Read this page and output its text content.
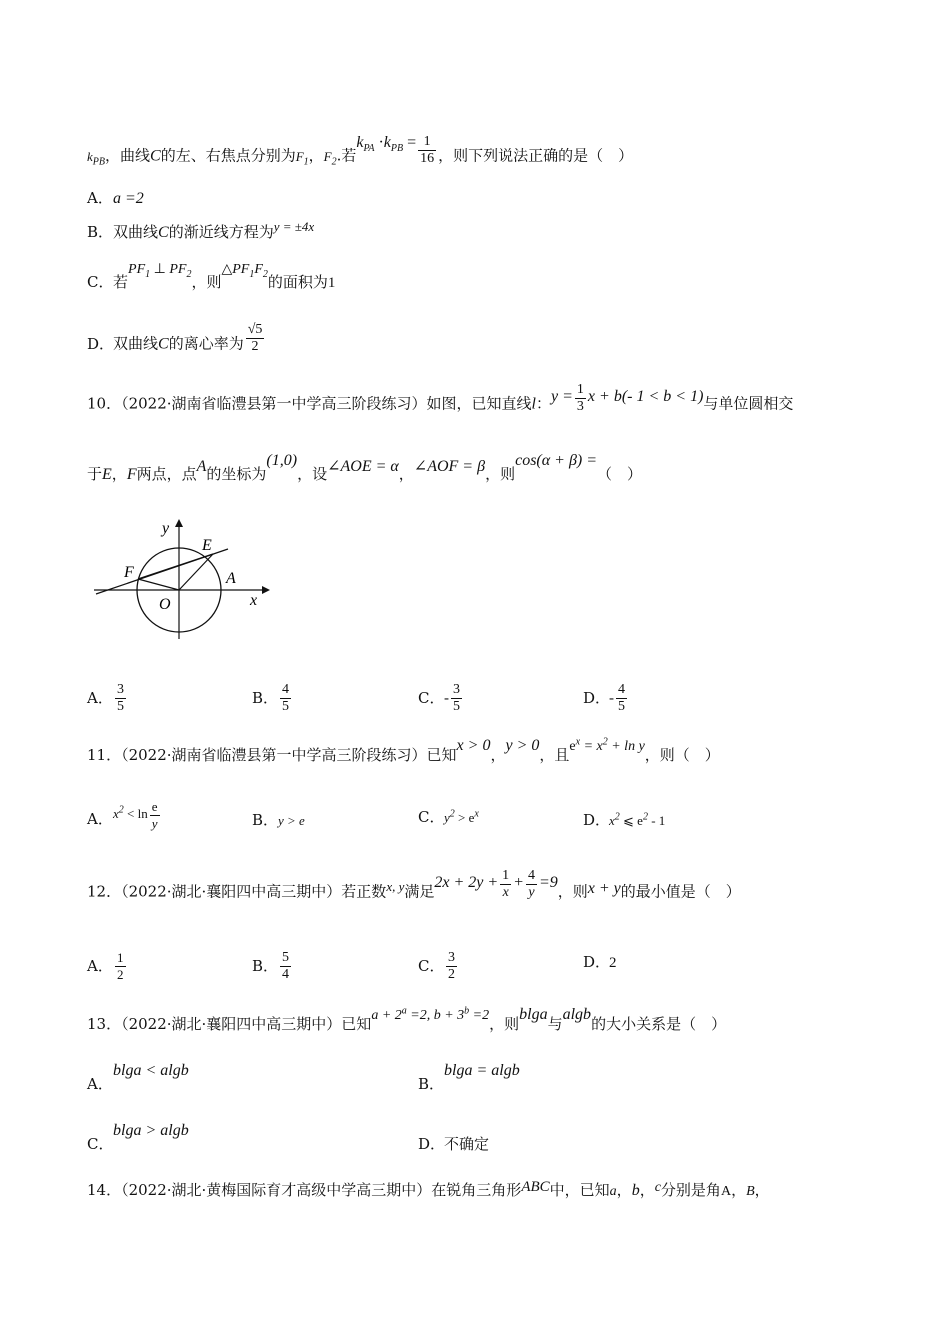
$k_{PB}$，曲线C的左、右焦点分别为$F_1$，$F_2$.若$k_{PA} \cdot k_{PB} = \frac{1}{16}$ ，则下列说法正确的是（　）
A．a =2
B．双曲线C的渐近线方程为y = ±4x
C．若$PF_1$ ⊥ $PF_2$，则$\triangle PF_1F_2$的面积为1
D．双曲线C的离心率为 $\frac{√5}{2}$
10．（2022·湖南省临澧县第一中学高三阶段练习）如图，已知直线l：$y = \frac{1}{3}$ x + b(- 1 < b < 1)与单位圆相交
于E，F两点，点A的坐标为(1,0)，设∠AOE = α，∠AOF = β，则cos(α + β) =（　）
y
E
F	A
O	x
A． $\frac{3}{5}$	B． $\frac{4}{5}$	C．- $\frac{3}{5}$	D．- $\frac{4}{5}$
11．（2022·湖南省临澧县第一中学高三阶段练习）已知x > 0，y > 0，且$e^x = x^2 + \ln y$，则（　）
A．$x^2 < \ln \frac{e}{y}$	B．y > e	C．$y^2 > e^x$	D．$x^2$ ⩽ $e^2 - 1$
12．（2022·湖北·襄阳四中高三期中）若正数x, y满足$2x + 2y + \frac{1}{x} + \frac{4}{y} =9$，则x + y的最小值是（　）
A． $\frac{1}{2}$	B． $\frac{5}{4}$	C． $\frac{3}{2}$	D．2
13．（2022·湖北·襄阳四中高三期中）已知$a + 2^a =2$, $b + 3^b =2$，则blga与algb的大小关系是（　）
A．blga < algb
B．blga = algb
C．blga > algb
D．不确定
14．（2022·湖北·黄梅国际育才高级中学高三期中）在锐角三角形ABC中，已知a，b，c分别是角A，B，
